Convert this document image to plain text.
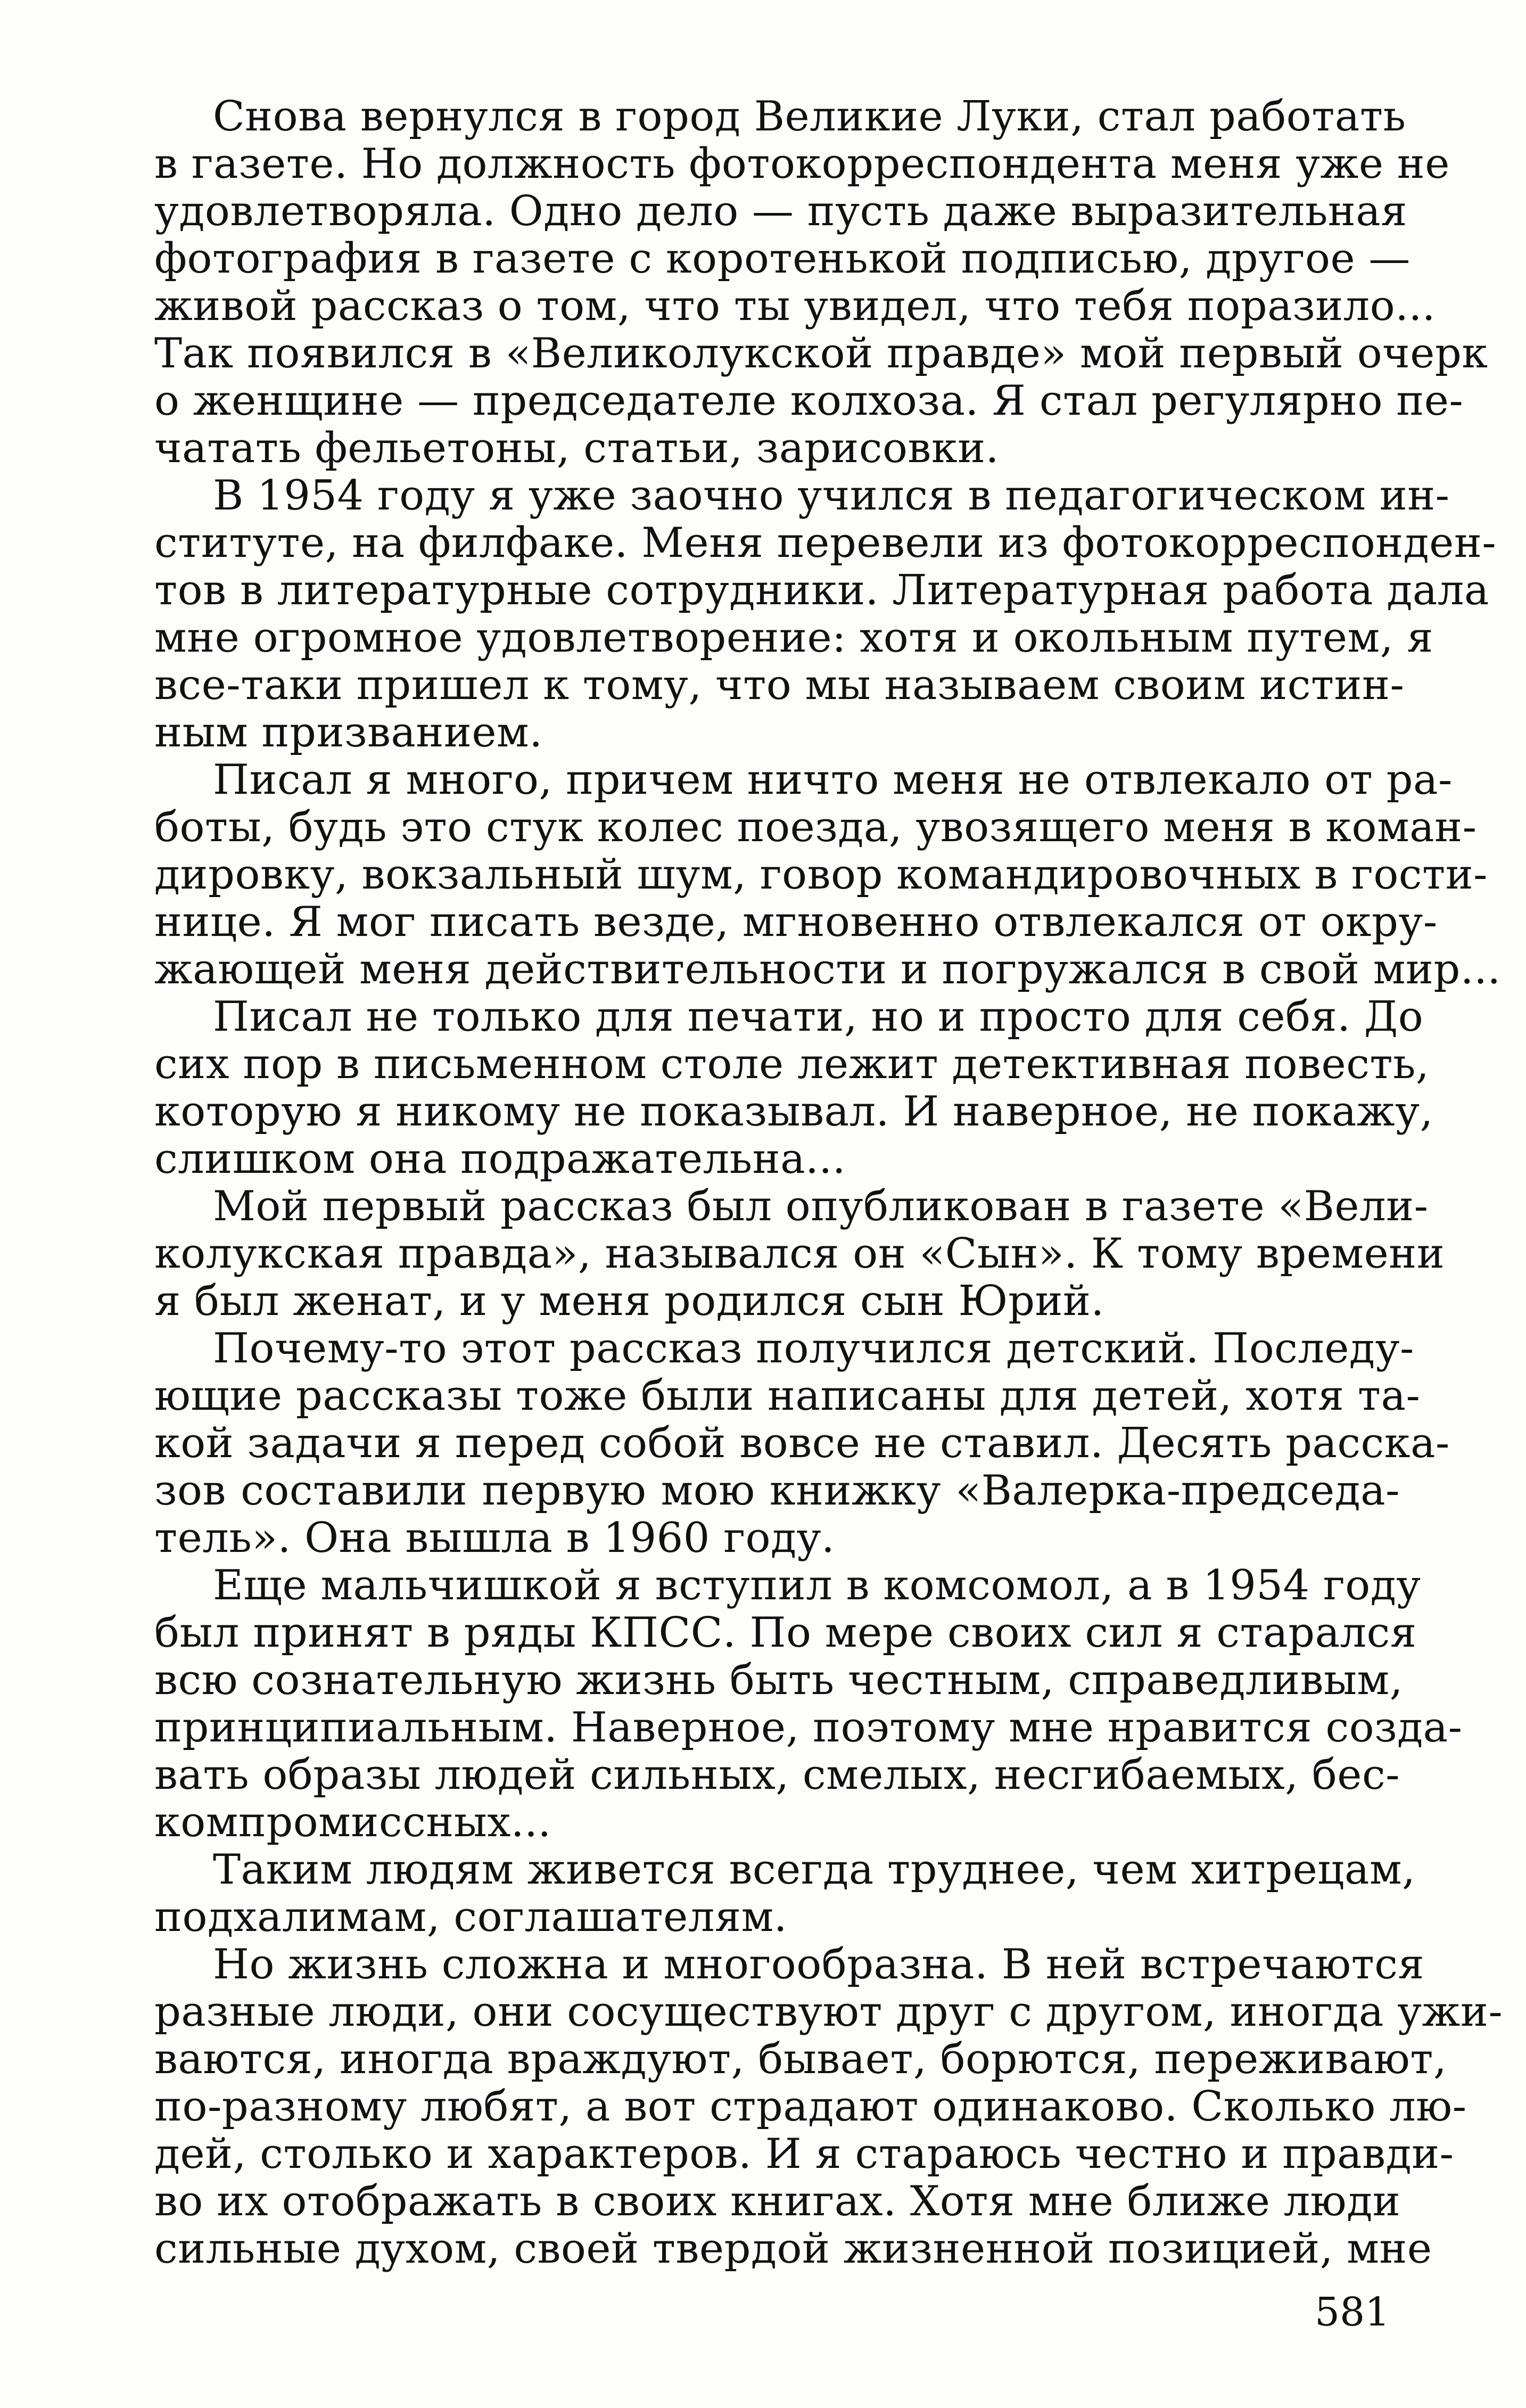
Снова вернулся в город Великие Луки, стал работать
в газете. Но должность фотокорреспондента меня уже не
удовлетворяла. Одно дело — пусть даже выразительная
фотография в газете с коротенькой подписью, другое —
живой рассказ о том, что ты увидел, что тебя поразило...
Так появился в «Великолукской правде» мой первый очерк
о женщине — председателе колхоза. Я стал регулярно пе-
чатать фельетоны, статьи, зарисовки.

В 1954 году я уже заочно учился в педагогическом ин-
ституте, на филфаке. Меня перевели из фотокорреспонден-
тов в литературные сотрудники. Литературная работа дала
мне огромное удовлетворение: хотя и окольным путем, я
все-таки пришел к тому, что мы называем своим истин-
ным призванием.

Писал я много, причем ничто меня не отвлекало от ра-
боты, будь это стук колес поезда, увозящего меня в коман-
дировку, вокзальный шум, говор командировочных в гости-
нице. Я мог писать везде, мгновенно отвлекался от окру-
жающей меня действительности и погружался в свой мир...

Писал не только для печати, но и просто для себя. До
сих пор в письменном столе лежит детективная повесть,
которую я никому не показывал. И наверное, не покажу,
слишком она подражательна...

Мой первый рассказ был опубликован в газете «Вели-
колукская правда», назывался он «Сын». К тому времени
я был женат, и у меня родился сын Юрий.

Почему-то этот рассказ получился детский. Последу-
ющие рассказы тоже были написаны для детей, хотя та-
кой задачи я перед собой вовсе не ставил. Десять расска-
зов составили первую мою книжку «Валерка-председа-
тель». Она вышла в 1960 году.

Еще мальчишкой я вступил в комсомол, а в 1954 году
был принят в ряды КПСС. По мере своих сил я старался
всю сознательную жизнь быть честным, справедливым,
принципиальным. Наверное, поэтому мне нравится созда-
вать образы людей сильных, смелых, несгибаемых, бес-
компромиссных...

Таким людям живется всегда труднее, чем хитрецам,
подхалимам, соглашателям.

Но жизнь сложна и многообразна. В ней встречаются
разные люди, они сосуществуют друг с другом, иногда ужи-
ваются, иногда враждуют, бывает, борются, переживают,
по-разному любят, а вот страдают одинаково. Сколько лю-
дей, столько и характеров. И я стараюсь честно и правди-
во их отображать в своих книгах. Хотя мне ближе люди
сильные духом, своей твердой жизненной позицией, мне

581
